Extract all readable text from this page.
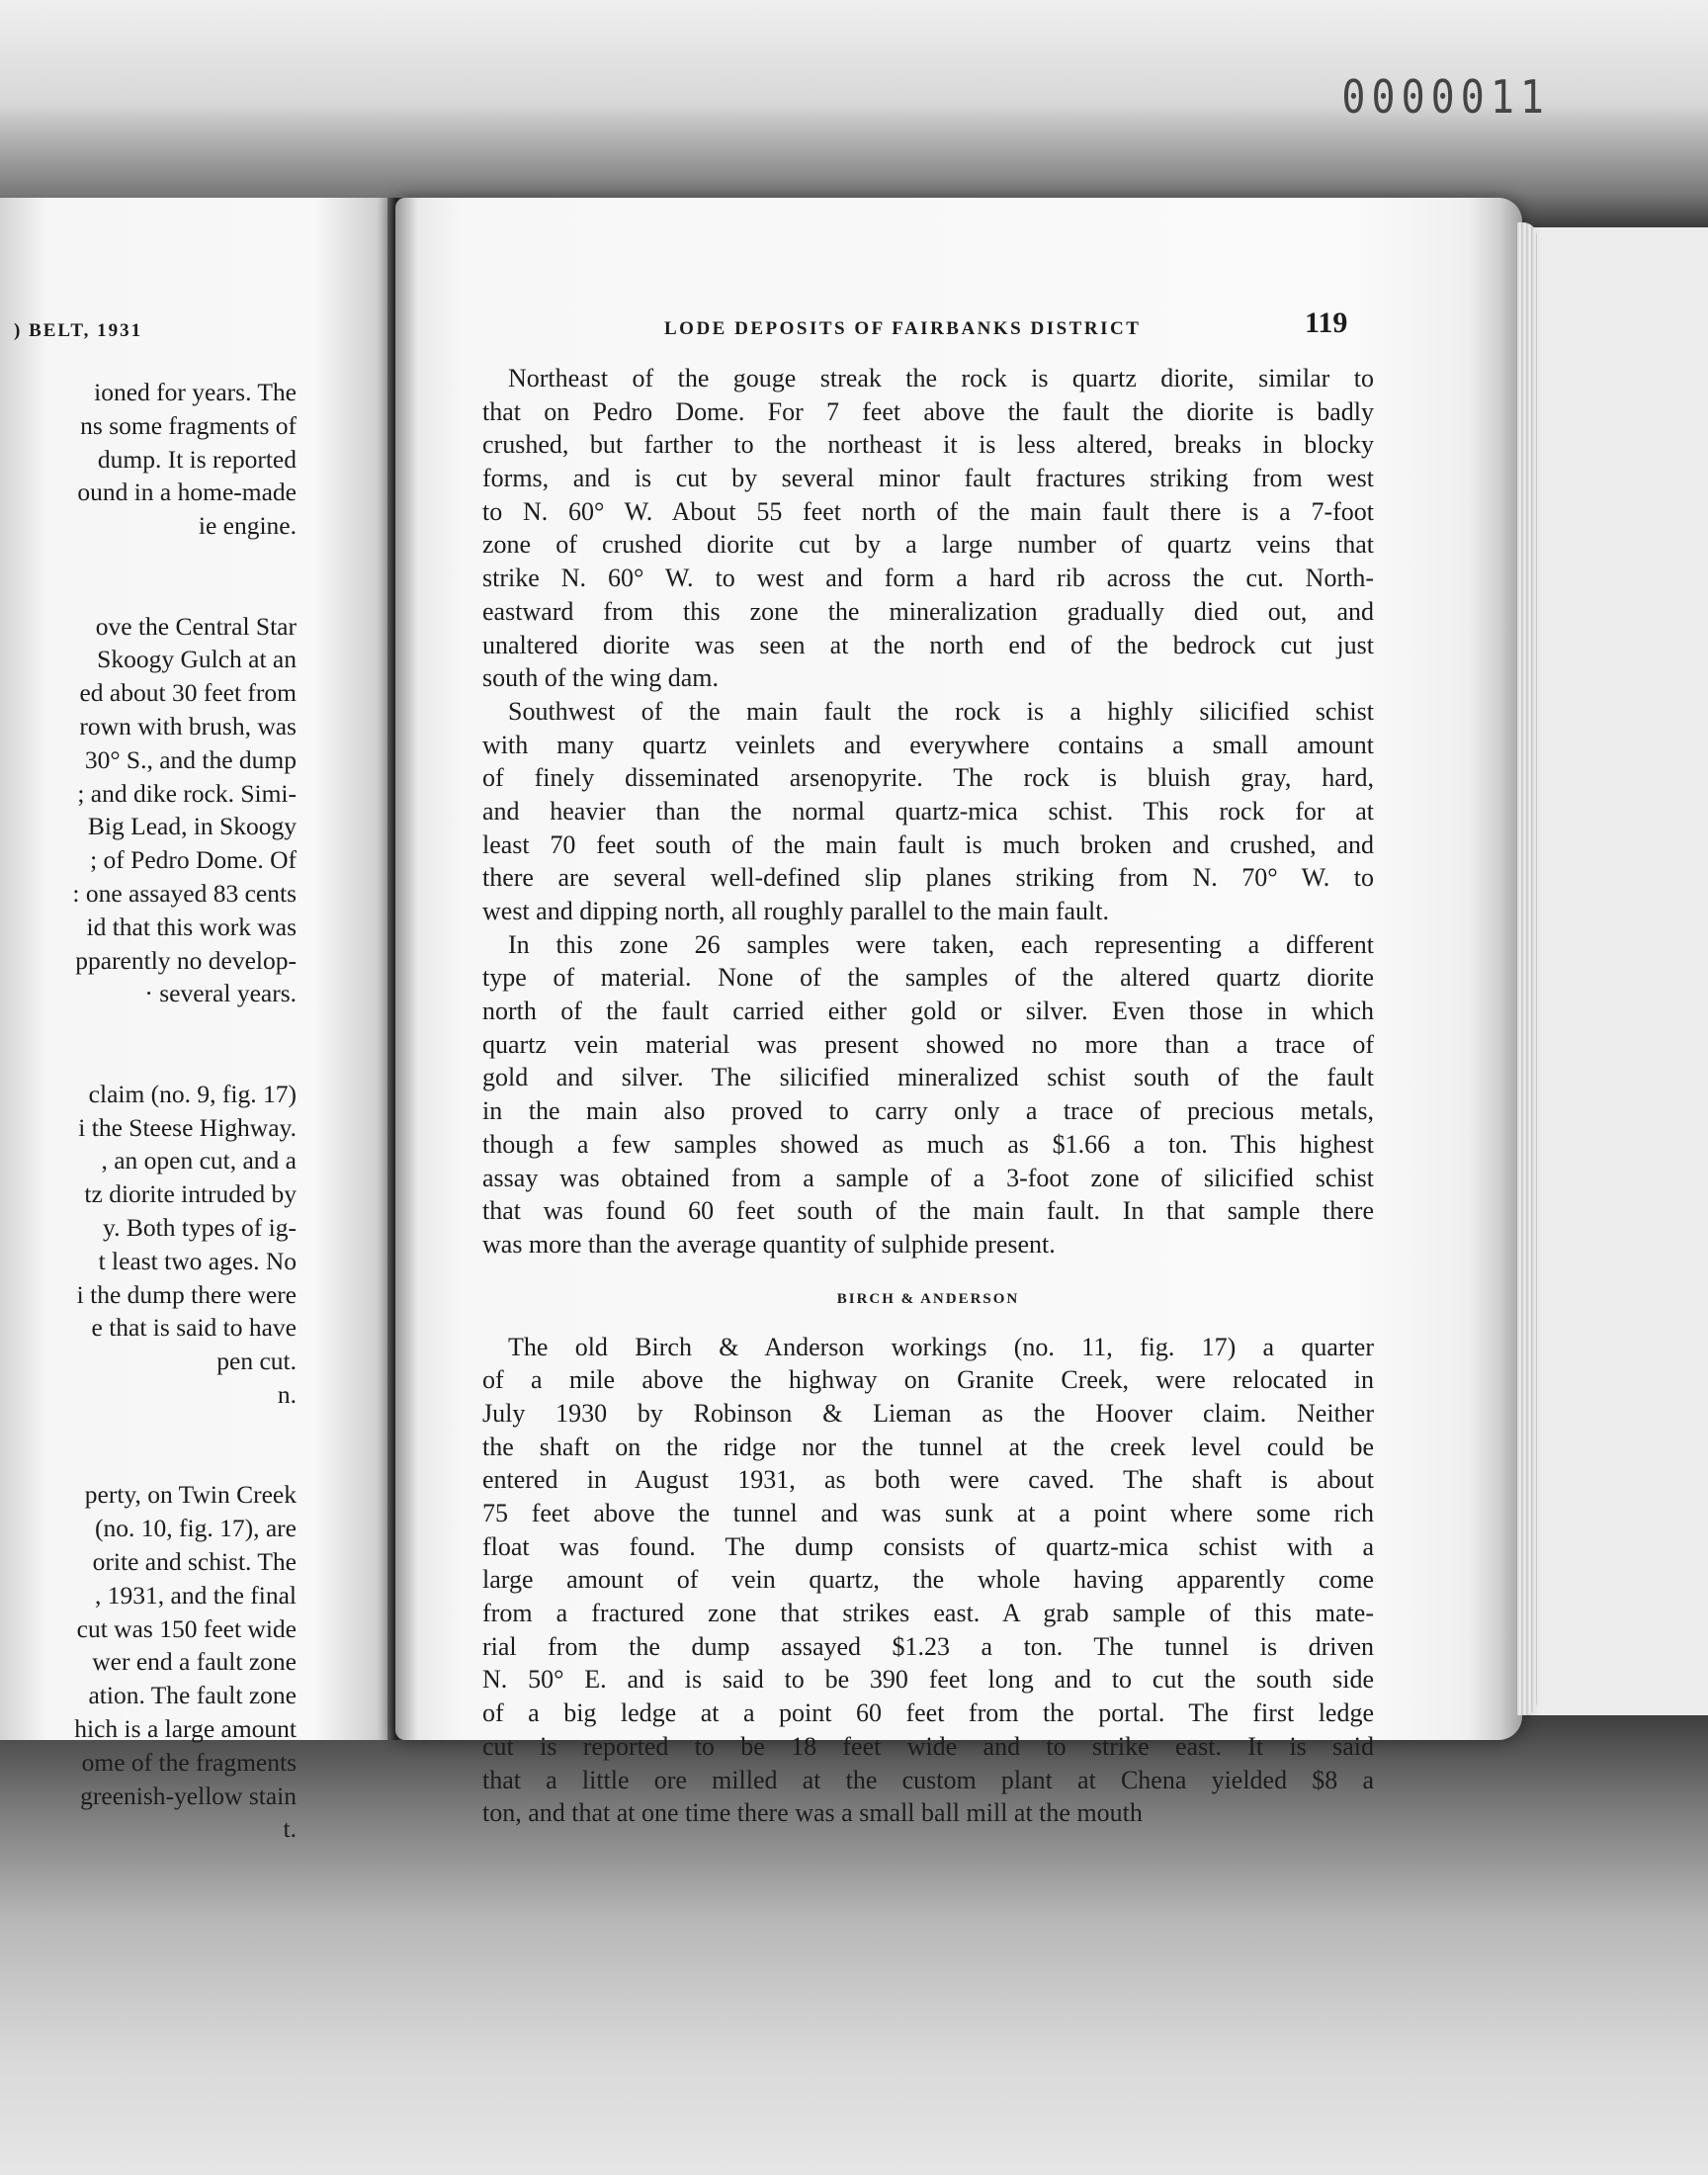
0000011
) BELT, 1931
ioned for years. The
ns some fragments of
dump. It is reported
ound in a home-made
ie engine.
ove the Central Star
Skoogy Gulch at an
ed about 30 feet from
rown with brush, was
30° S., and the dump
; and dike rock. Simi-
Big Lead, in Skoogy
; of Pedro Dome. Of
: one assayed 83 cents
id that this work was
pparently no develop-
· several years.
claim (no. 9, fig. 17)
i the Steese Highway.
, an open cut, and a
tz diorite intruded by
y. Both types of ig-
t least two ages. No
i the dump there were
e that is said to have
pen cut.
n.
perty, on Twin Creek
(no. 10, fig. 17), are
orite and schist. The
, 1931, and the final
cut was 150 feet wide
wer end a fault zone
ation. The fault zone
hich is a large amount
ome of the fragments
greenish-yellow stain
t.
LODE DEPOSITS OF FAIRBANKS DISTRICT	119
 Northeast of the gouge streak the rock is quartz diorite, similar to
that on Pedro Dome. For 7 feet above the fault the diorite is badly
crushed, but farther to the northeast it is less altered, breaks in blocky
forms, and is cut by several minor fault fractures striking from west
to N. 60° W. About 55 feet north of the main fault there is a 7-foot
zone of crushed diorite cut by a large number of quartz veins that
strike N. 60° W. to west and form a hard rib across the cut. North-
eastward from this zone the mineralization gradually died out, and
unaltered diorite was seen at the north end of the bedrock cut just
south of the wing dam.
 Southwest of the main fault the rock is a highly silicified schist
with many quartz veinlets and everywhere contains a small amount
of finely disseminated arsenopyrite. The rock is bluish gray, hard,
and heavier than the normal quartz-mica schist. This rock for at
least 70 feet south of the main fault is much broken and crushed, and
there are several well-defined slip planes striking from N. 70° W. to
west and dipping north, all roughly parallel to the main fault.
 In this zone 26 samples were taken, each representing a different
type of material. None of the samples of the altered quartz diorite
north of the fault carried either gold or silver. Even those in which
quartz vein material was present showed no more than a trace of
gold and silver. The silicified mineralized schist south of the fault
in the main also proved to carry only a trace of precious metals,
though a few samples showed as much as $1.66 a ton. This highest
assay was obtained from a sample of a 3-foot zone of silicified schist
that was found 60 feet south of the main fault. In that sample there
was more than the average quantity of sulphide present.
BIRCH & ANDERSON
 The old Birch & Anderson workings (no. 11, fig. 17) a quarter
of a mile above the highway on Granite Creek, were relocated in
July 1930 by Robinson & Lieman as the Hoover claim. Neither
the shaft on the ridge nor the tunnel at the creek level could be
entered in August 1931, as both were caved. The shaft is about
75 feet above the tunnel and was sunk at a point where some rich
float was found. The dump consists of quartz-mica schist with a
large amount of vein quartz, the whole having apparently come
from a fractured zone that strikes east. A grab sample of this mate-
rial from the dump assayed $1.23 a ton. The tunnel is driven
N. 50° E. and is said to be 390 feet long and to cut the south side
of a big ledge at a point 60 feet from the portal. The first ledge
cut is reported to be 18 feet wide and to strike east. It is said
that a little ore milled at the custom plant at Chena yielded $8 a
ton, and that at one time there was a small ball mill at the mouth
